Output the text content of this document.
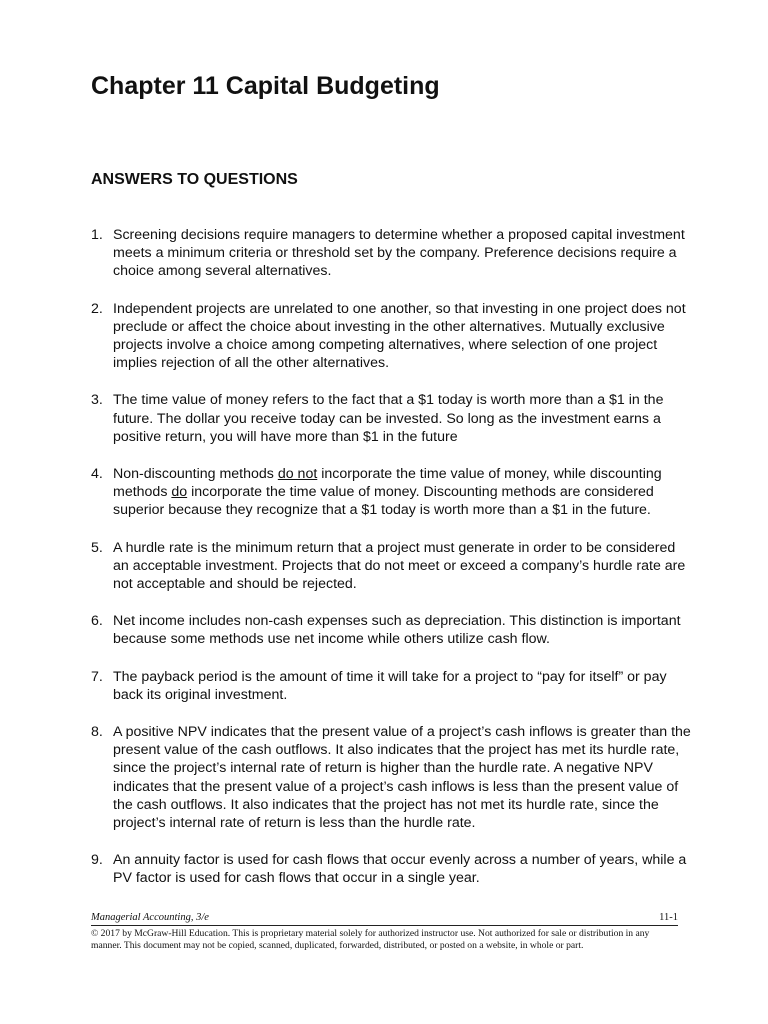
Chapter 11 Capital Budgeting
ANSWERS TO QUESTIONS
1. Screening decisions require managers to determine whether a proposed capital investment meets a minimum criteria or threshold set by the company. Preference decisions require a choice among several alternatives.
2. Independent projects are unrelated to one another, so that investing in one project does not preclude or affect the choice about investing in the other alternatives. Mutually exclusive projects involve a choice among competing alternatives, where selection of one project implies rejection of all the other alternatives.
3. The time value of money refers to the fact that a $1 today is worth more than a $1 in the future. The dollar you receive today can be invested. So long as the investment earns a positive return, you will have more than $1 in the future
4. Non-discounting methods do not incorporate the time value of money, while discounting methods do incorporate the time value of money. Discounting methods are considered superior because they recognize that a $1 today is worth more than a $1 in the future.
5. A hurdle rate is the minimum return that a project must generate in order to be considered an acceptable investment. Projects that do not meet or exceed a company’s hurdle rate are not acceptable and should be rejected.
6. Net income includes non-cash expenses such as depreciation. This distinction is important because some methods use net income while others utilize cash flow.
7. The payback period is the amount of time it will take for a project to “pay for itself” or pay back its original investment.
8. A positive NPV indicates that the present value of a project’s cash inflows is greater than the present value of the cash outflows. It also indicates that the project has met its hurdle rate, since the project’s internal rate of return is higher than the hurdle rate. A negative NPV indicates that the present value of a project’s cash inflows is less than the present value of the cash outflows. It also indicates that the project has not met its hurdle rate, since the project’s internal rate of return is less than the hurdle rate.
9. An annuity factor is used for cash flows that occur evenly across a number of years, while a PV factor is used for cash flows that occur in a single year.
Managerial Accounting, 3/e	11-1
© 2017 by McGraw-Hill Education. This is proprietary material solely for authorized instructor use. Not authorized for sale or distribution in any manner. This document may not be copied, scanned, duplicated, forwarded, distributed, or posted on a website, in whole or part.
